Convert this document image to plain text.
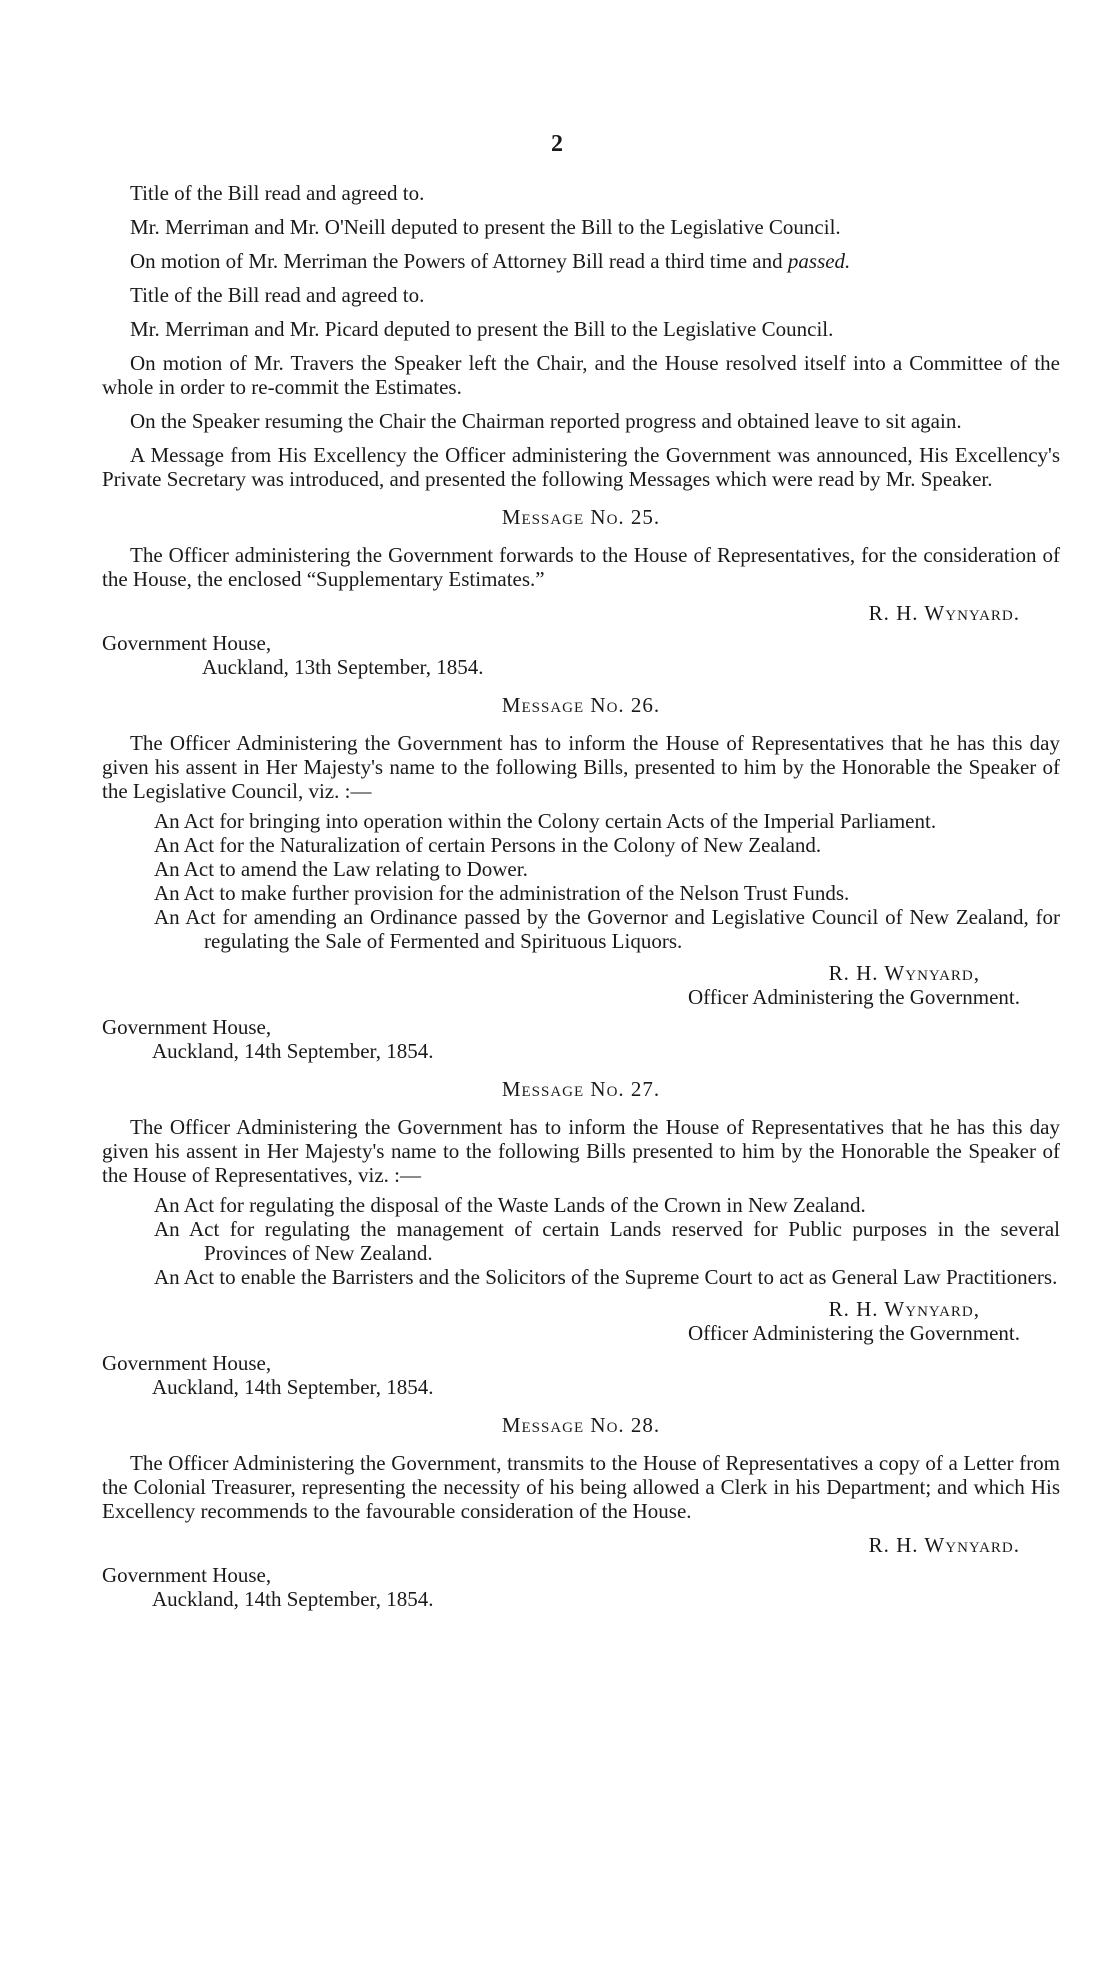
2

Title of the Bill read and agreed to.

Mr. Merriman and Mr. O'Neill deputed to present the Bill to the Legislative Council.

On motion of Mr. Merriman the Powers of Attorney Bill read a third time and passed.

Title of the Bill read and agreed to.

Mr. Merriman and Mr. Picard deputed to present the Bill to the Legislative Council.

On motion of Mr. Travers the Speaker left the Chair, and the House resolved itself into a Committee of the whole in order to re-commit the Estimates.

On the Speaker resuming the Chair the Chairman reported progress and obtained leave to sit again.

A Message from His Excellency the Officer administering the Government was announced, His Excellency's Private Secretary was introduced, and presented the following Messages which were read by Mr. Speaker.

Message No. 25.

The Officer administering the Government forwards to the House of Representatives, for the consideration of the House, the enclosed “Supplementary Estimates.”

R. H. Wynyard.

Government House,

Auckland, 13th September, 1854.

Message No. 26.

The Officer Administering the Government has to inform the House of Representatives that he has this day given his assent in Her Majesty's name to the following Bills, presented to him by the Honorable the Speaker of the Legislative Council, viz. :—

An Act for bringing into operation within the Colony certain Acts of the Imperial Parliament.

An Act for the Naturalization of certain Persons in the Colony of New Zealand.

An Act to amend the Law relating to Dower.

An Act to make further provision for the administration of the Nelson Trust Funds.

An Act for amending an Ordinance passed by the Governor and Legislative Council of New Zealand, for regulating the Sale of Fermented and Spirituous Liquors.

R. H. Wynyard,

Officer Administering the Government.

Government House,

Auckland, 14th September, 1854.

Message No. 27.

The Officer Administering the Government has to inform the House of Representatives that he has this day given his assent in Her Majesty's name to the following Bills presented to him by the Honorable the Speaker of the House of Representatives, viz. :—

An Act for regulating the disposal of the Waste Lands of the Crown in New Zealand.

An Act for regulating the management of certain Lands reserved for Public purposes in the several Provinces of New Zealand.

An Act to enable the Barristers and the Solicitors of the Supreme Court to act as General Law Practitioners.

R. H. Wynyard,

Officer Administering the Government.

Government House,

Auckland, 14th September, 1854.

Message No. 28.

The Officer Administering the Government, transmits to the House of Representatives a copy of a Letter from the Colonial Treasurer, representing the necessity of his being allowed a Clerk in his Department; and which His Excellency recommends to the favourable consideration of the House.

R. H. Wynyard.

Government House,

Auckland, 14th September, 1854.
